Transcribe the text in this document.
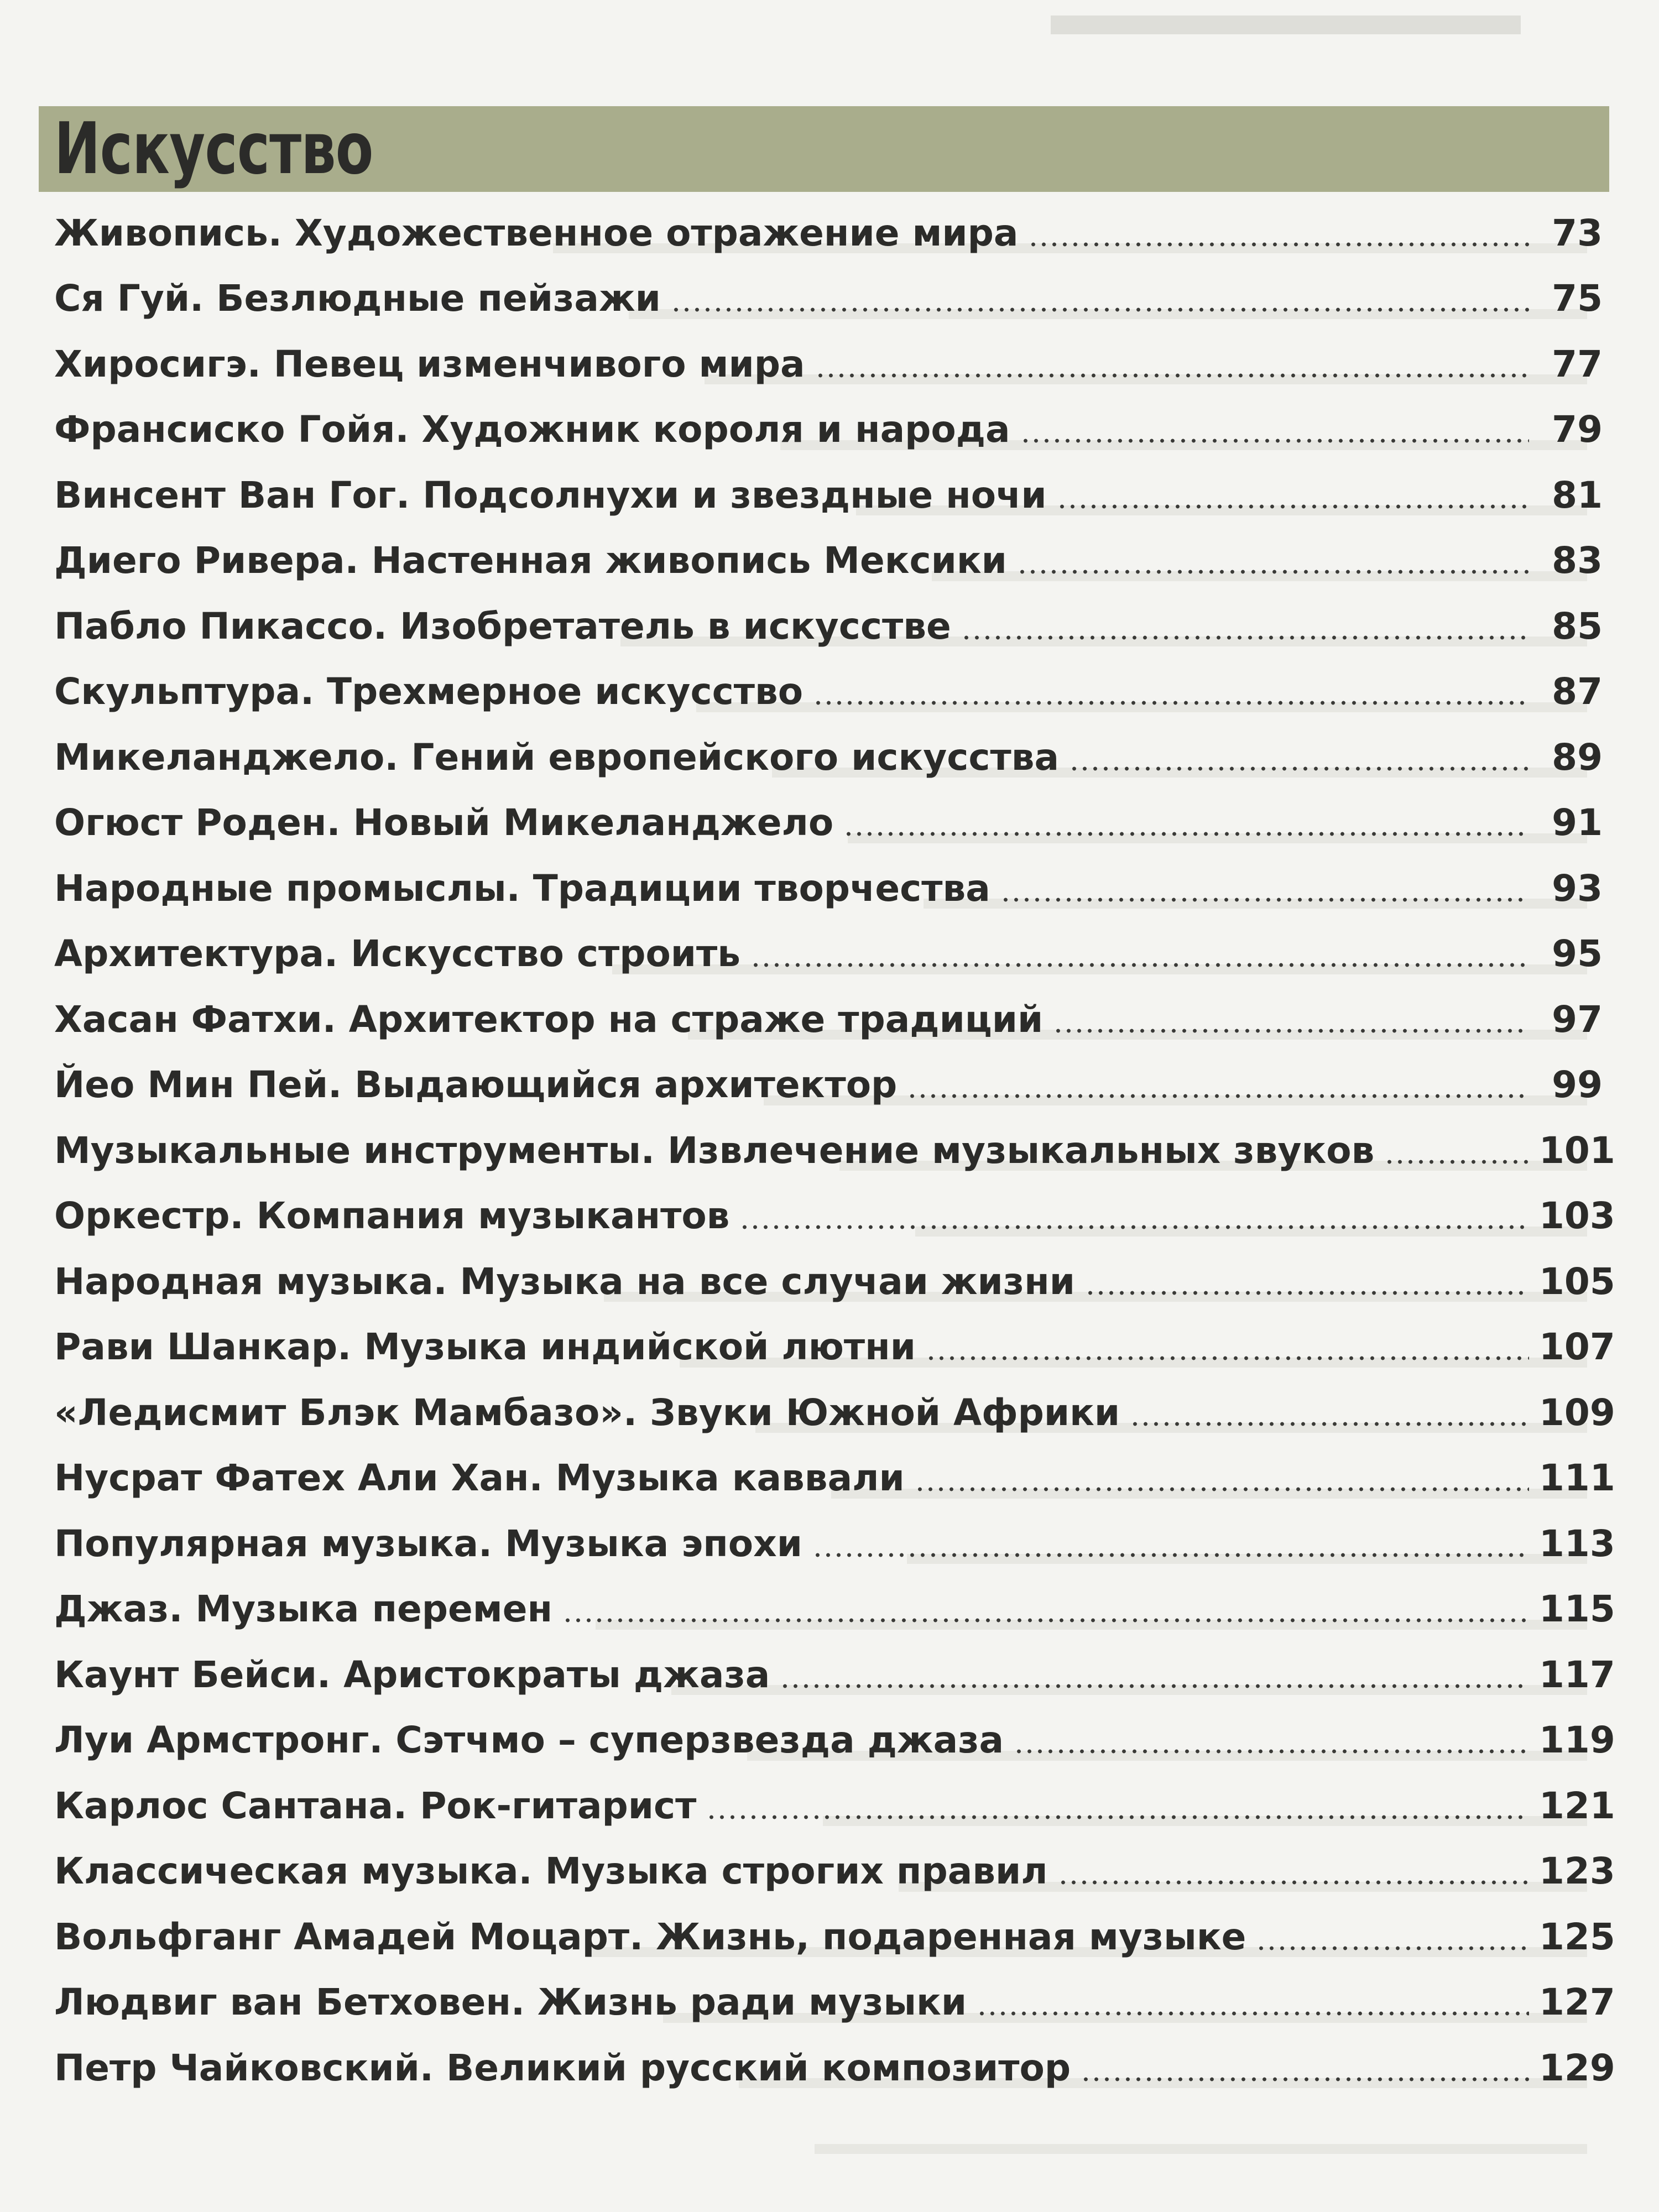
Искусство
Живопись. Художественное отражение мира	73
Ся Гуй. Безлюдные пейзажи	75
Хиросигэ. Певец изменчивого мира	77
Франсиско Гойя. Художник короля и народа	79
Винсент Ван Гог. Подсолнухи и звездные ночи	81
Диего Ривера. Настенная живопись Мексики	83
Пабло Пикассо. Изобретатель в искусстве	85
Скульптура. Трехмерное искусство	87
Микеланджело. Гений европейского искусства	89
Огюст Роден. Новый Микеланджело	91
Народные промыслы. Традиции творчества	93
Архитектура. Искусство строить	95
Хасан Фатхи. Архитектор на страже традиций	97
Йео Мин Пей. Выдающийся архитектор	99
Музыкальные инструменты. Извлечение музыкальных звуков	101
Оркестр. Компания музыкантов	103
Народная музыка. Музыка на все случаи жизни	105
Рави Шанкар. Музыка индийской лютни	107
«Ледисмит Блэк Мамбазо». Звуки Южной Африки	109
Нусрат Фатех Али Хан. Музыка каввали	111
Популярная музыка. Музыка эпохи	113
Джаз. Музыка перемен	115
Каунт Бейси. Аристократы джаза	117
Луи Армстронг. Сэтчмо – суперзвезда джаза	119
Карлос Сантана. Рок-гитарист	121
Классическая музыка. Музыка строгих правил	123
Вольфганг Амадей Моцарт. Жизнь, подаренная музыке	125
Людвиг ван Бетховен. Жизнь ради музыки	127
Петр Чайковский. Великий русский композитор	129
